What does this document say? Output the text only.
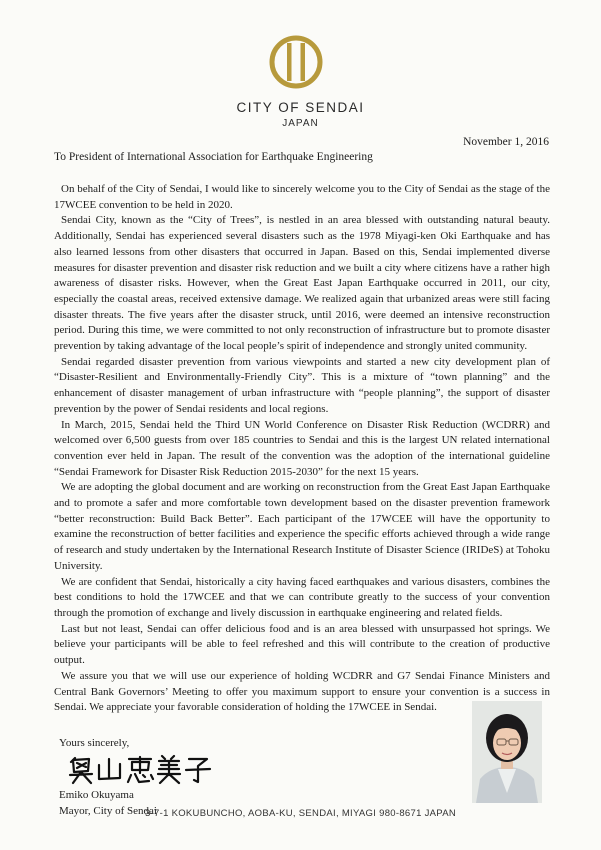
CITY OF SENDAI
JAPAN
November 1, 2016
To President of International Association for Earthquake Engineering

On behalf of the City of Sendai, I would like to sincerely welcome you to the City of Sendai as the stage of the 17WCEE convention to be held in 2020.

Sendai City, known as the “City of Trees”, is nestled in an area blessed with outstanding natural beauty. Additionally, Sendai has experienced several disasters such as the 1978 Miyagi-ken Oki Earthquake and has also learned lessons from other disasters that occurred in Japan. Based on this, Sendai implemented diverse measures for disaster prevention and disaster risk reduction and we built a city where citizens have a rather high awareness of disaster risks. However, when the Great East Japan Earthquake occurred in 2011, our city, especially the coastal areas, received extensive damage. We realized again that urbanized areas were still facing disaster threats. The five years after the disaster struck, until 2016, were deemed an intensive reconstruction period. During this time, we were committed to not only reconstruction of infrastructure but to promote disaster prevention by taking advantage of the local people’s spirit of independence and strongly united community.

Sendai regarded disaster prevention from various viewpoints and started a new city development plan of “Disaster-Resilient and Environmentally-Friendly City”. This is a mixture of “town planning” and the enhancement of disaster management of urban infrastructure with “people planning”, the support of disaster prevention by the power of Sendai residents and local regions.

In March, 2015, Sendai held the Third UN World Conference on Disaster Risk Reduction (WCDRR) and welcomed over 6,500 guests from over 185 countries to Sendai and this is the largest UN related international convention ever held in Japan. The result of the convention was the adoption of the international guideline “Sendai Framework for Disaster Risk Reduction 2015-2030” for the next 15 years.

We are adopting the global document and are working on reconstruction from the Great East Japan Earthquake and to promote a safer and more comfortable town development based on the disaster prevention framework “better reconstruction: Build Back Better”. Each participant of the 17WCEE will have the opportunity to examine the reconstruction of better facilities and experience the specific efforts achieved through a wide range of research and study undertaken by the International Research Institute of Disaster Science (IRIDeS) at Tohoku University.

We are confident that Sendai, historically a city having faced earthquakes and various disasters, combines the best conditions to hold the 17WCEE and that we can contribute greatly to the success of your convention through the promotion of exchange and lively discussion in earthquake engineering and related fields.

Last but not least, Sendai can offer delicious food and is an area blessed with unsurpassed hot springs. We believe your participants will be able to feel refreshed and this will contribute to the creation of productive output.

We assure you that we will use our experience of holding WCDRR and G7 Sendai Finance Ministers and Central Bank Governors’ Meeting to offer you maximum support to ensure your convention is a success in Sendai. We appreciate your favorable consideration of holding the 17WCEE in Sendai.

Yours sincerely,
Emiko Okuyama
Mayor, City of Sendai
3-7-1 KOKUBUNCHO, AOBA-KU, SENDAI, MIYAGI 980-8671 JAPAN
